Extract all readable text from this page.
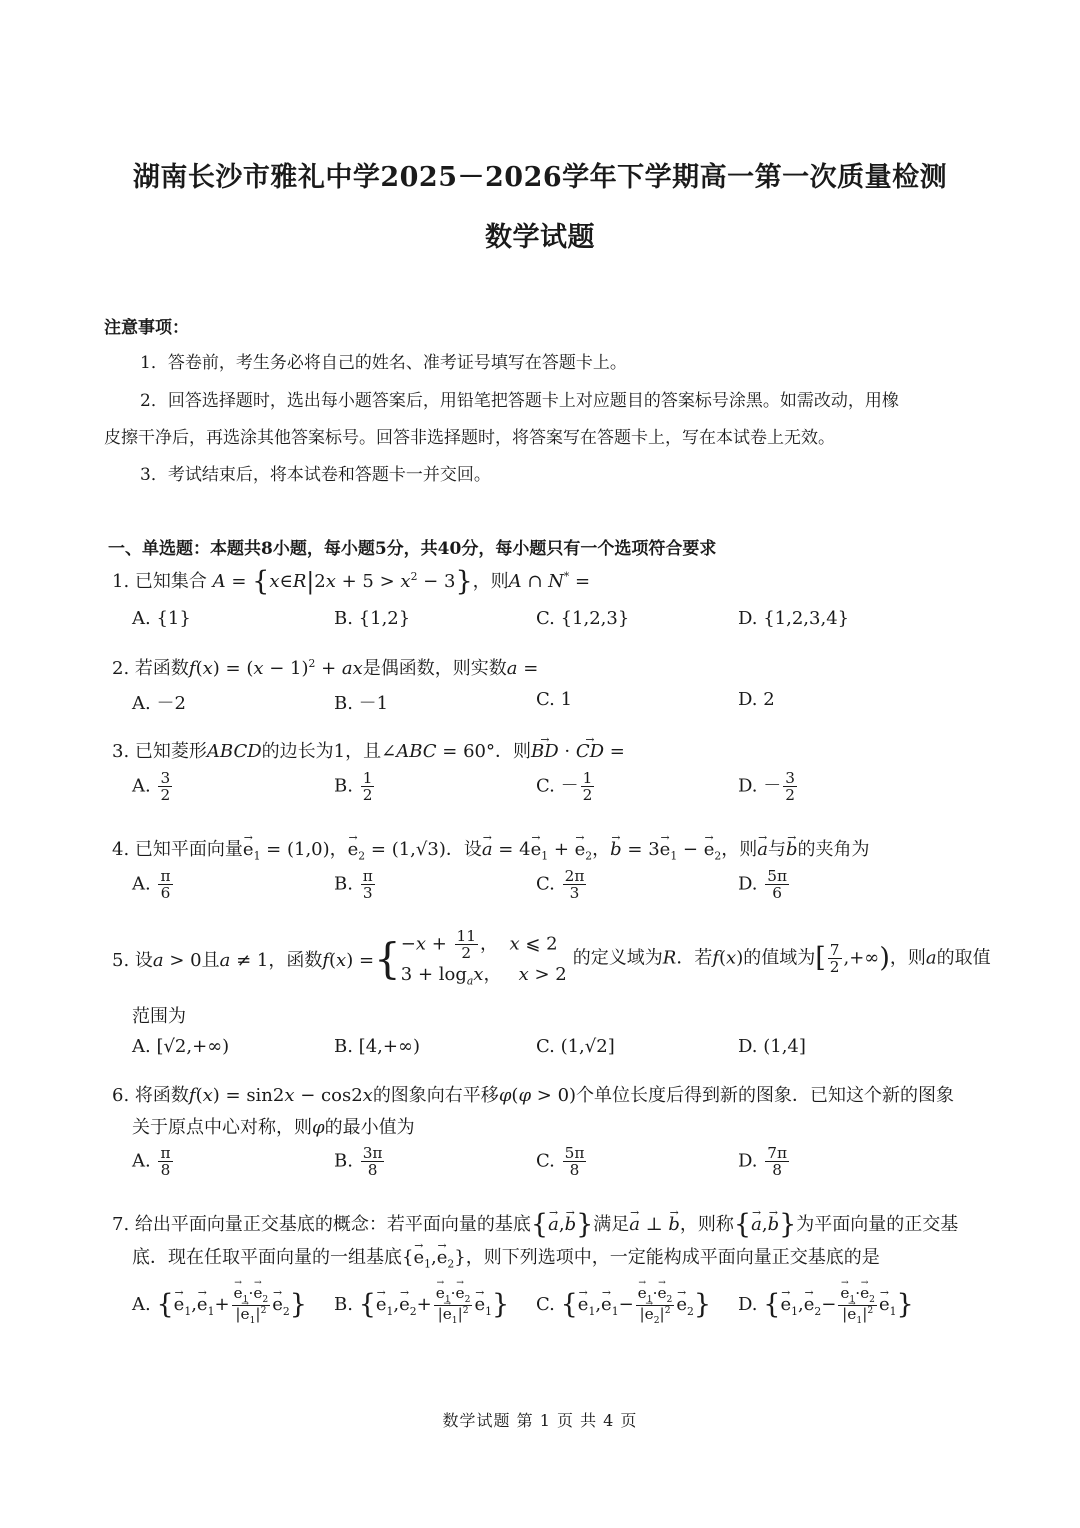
湖南长沙市雅礼中学2025－2026学年下学期高一第一次质量检测
数学试题
注意事项：
1．答卷前，考生务必将自己的姓名、准考证号填写在答题卡上。
2．回答选择题时，选出每小题答案后，用铅笔把答题卡上对应题目的答案标号涂黑。如需改动，用橡
皮擦干净后，再选涂其他答案标号。回答非选择题时，将答案写在答题卡上，写在本试卷上无效。
3．考试结束后，将本试卷和答题卡一并交回。
一、单选题：本题共8小题，每小题5分，共40分，每小题只有一个选项符合要求
1. 已知集合 A = {x∈R|2x + $5 > x^2 - 3$}，则A ∩ N* =
A. {1}	B. {1,2}	C. {1,2,3}	D. {1,2,3,4}
2. 若函数$f(x) = (x - 1)^2$ + ax是偶函数，则实数a =
A. －2	B. －1	C. 1	D. 2
3. 已知菱形ABCD的边长为1，且∠ABC = 60°．则→ BD · → CD =
A. $\frac{3}{2}$	B. $\frac{1}{2}$	C. － $\frac{1}{2}$	D. － $\frac{3}{2}$
4. 已知平面向量→ $e_1 = (1,0)$，→ $e_2 = (1,√3)$．设→ $a = 4\to e_1$ + → $e_2$，→ $b = 3\to e_1$ − → $e_2$，则→ a与→ b的夹角为
A. $\frac{\pi}{6}$	B. $\frac{\pi}{3}$	C. $\frac{2\pi}{3}$	D. $\frac{5\pi}{6}$
5. 设a > 0且a ≠ 1，函数f(x) = { $-x + \frac{11}{2}$ ，  x ⩽ 2
$3 + \log_ax$，   x > 2
的定义域为R．若f(x)的值域为[ $\frac{7}{2}$ ,+∞)，则a的取值
范围为
A. [√2,+∞)	B. [4,+∞)	C. (1,√2]	D. (1,4]
6. 将函数f(x) = sin2x − cos2x的图象向右平移φ(φ > 0)个单位长度后得到新的图象．已知这个新的图象
关于原点中心对称，则φ的最小值为
A. $\frac{\pi}{8}$	B. $\frac{3\pi}{8}$	C. $\frac{5\pi}{8}$	D. $\frac{7\pi}{8}$
7. 给出平面向量正交基底的概念：若平面向量的基底{→ a,→ b}满足→ a ⊥ → b，则称{→ a,→ b}为平面向量的正交基
底．现在任取平面向量的一组基底{→ $e_1,\to e_2$}，则下列选项中，一定能构成平面向量正交基底的是
A. {→ $e_1,\to e_1+$
→ $\frac{e_1\cdot\to e_2}{|\to e_1|^2}$
→ $e_2$} B. {→ $e_1,\to e_2+$
→ $\frac{e_1\cdot\to e_2}{|\to e_1|^2}$
→ $e_1$} C. {→ $e_1,\to e_1-$
→ $\frac{e_1\cdot\to e_2}{|\to e_2|^2}$
→ $e_2$} D. {→ $e_1,\to e_2-$
→ $\frac{e_1\cdot\to e_2}{|\to e_1|^2}$
→ $e_1$}
数学试题 第 1 页 共 4 页
